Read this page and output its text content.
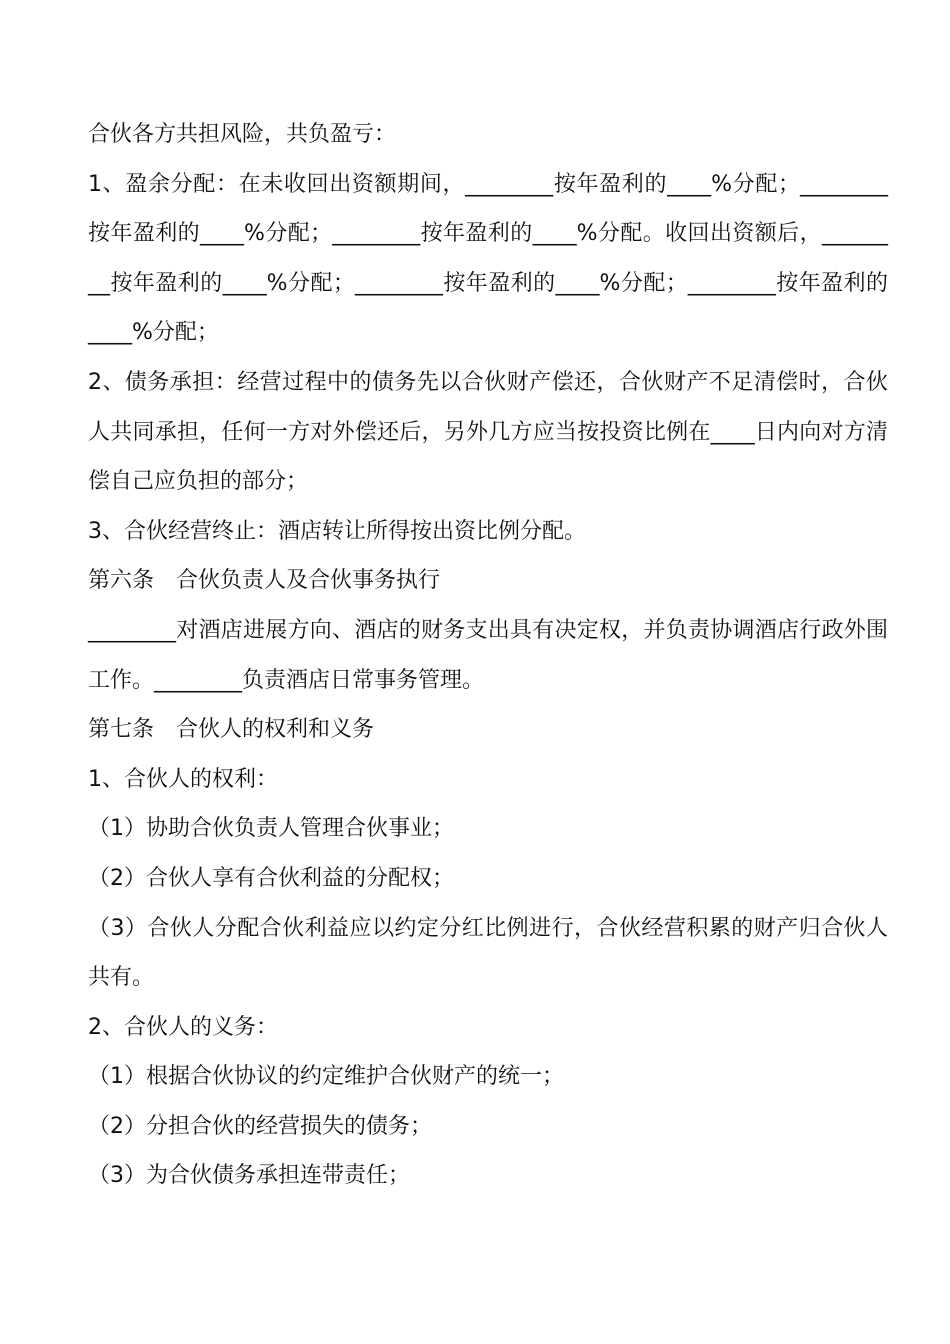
合伙各方共担风险，共负盈亏：

1、盈余分配：在未收回出资额期间，________按年盈利的____%分配；________按年盈利的____%分配；________按年盈利的____%分配。收回出资额后，________按年盈利的____%分配；________按年盈利的____%分配；________按年盈利的____%分配；

2、债务承担：经营过程中的债务先以合伙财产偿还，合伙财产不足清偿时，合伙人共同承担，任何一方对外偿还后，另外几方应当按投资比例在____日内向对方清偿自己应负担的部分；

3、合伙经营终止：酒店转让所得按出资比例分配。

第六条　合伙负责人及合伙事务执行

________对酒店进展方向、酒店的财务支出具有决定权，并负责协调酒店行政外围工作。________负责酒店日常事务管理。

第七条　合伙人的权利和义务

1、合伙人的权利：

（1）协助合伙负责人管理合伙事业；

（2）合伙人享有合伙利益的分配权；

（3）合伙人分配合伙利益应以约定分红比例进行，合伙经营积累的财产归合伙人共有。

2、合伙人的义务：

（1）根据合伙协议的约定维护合伙财产的统一；

（2）分担合伙的经营损失的债务；

（3）为合伙债务承担连带责任；
